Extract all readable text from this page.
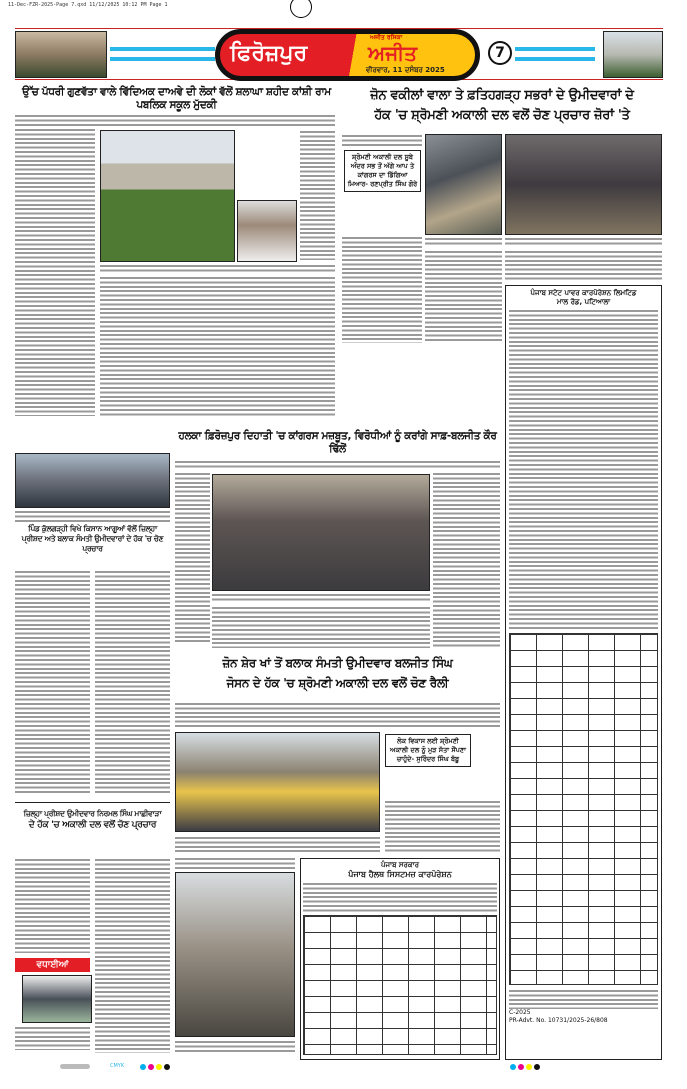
11-Dec-FZR-2025-Page 7.qxd 11/12/2025 10:12 PM Page 1
ਫਿਰੋਜ਼ਪੁਰ
ਅਜੀਤ ਰਸਿਕਾ
ਅਜੀਤ
ਵੀਰਵਾਰ, 11 ਦਸੰਬਰ 2025
7
ਉੱਚ ਪੱਧਰੀ ਗੁਣਵੱਤਾ ਵਾਲੇ ਵਿੱਦਿਅਕ ਦਾਅਵੇ ਦੀ ਲੋਕਾਂ ਵੱਲੋਂ ਸ਼ਲਾਘਾ ਸ਼ਹੀਦ ਕਾਂਸ਼ੀ ਰਾਮ ਪਬਲਿਕ ਸਕੂਲ ਮੁੱਦਕੀ
ਜ਼ੋਨ ਵਕੀਲਾਂ ਵਾਲਾ ਤੇ ਫ਼ਤਿਹਗੜ੍ਹ ਸਭਰਾਂ ਦੇ ਉਮੀਦਵਾਰਾਂ ਦੇ
ਹੱਕ 'ਚ ਸ਼੍ਰੋਮਣੀ ਅਕਾਲੀ ਦਲ ਵਲੋਂ ਚੋਣ ਪ੍ਰਚਾਰ ਜ਼ੋਰਾਂ 'ਤੇ
ਸ਼੍ਰੋਮਣੀ ਅਕਾਲੀ ਦਲ ਸੂਬੇ ਅੰਦਰ ਸਭ ਤੋਂ ਅੱਗੇ ਆਪ ਤੇ ਕਾਂਗਰਸ ਦਾ ਡਿੱਗਿਆ ਮਿਆਰ- ਰਣਪ੍ਰੀਤ ਸਿੰਘ ਗੋਰੇ
ਪੰਜਾਬ ਸਟੇਟ ਪਾਵਰ ਕਾਰਪੋਰੇਸ਼ਨ ਲਿਮਟਿਡ
ਮਾਲ ਰੋਡ, ਪਟਿਆਲਾ
C-2025
PR-Advt. No. 10731/2025-26/808
ਪਿੰਡ ਕੁੱਲਗੜ੍ਹੀ ਵਿਖੇ ਕਿਸਾਨ ਆਗੂਆਂ ਵੱਲੋਂ ਜ਼ਿਲ੍ਹਾ
ਪ੍ਰੀਸ਼ਦ ਅਤੇ ਬਲਾਕ ਸੰਮਤੀ ਉਮੀਦਵਾਰਾਂ ਦੇ ਹੱਕ 'ਚ ਚੋਣ ਪ੍ਰਚਾਰ
ਹਲਕਾ ਫ਼ਿਰੋਜ਼ਪੁਰ ਦਿਹਾਤੀ 'ਚ ਕਾਂਗਰਸ ਮਜ਼ਬੂਤ, ਵਿਰੋਧੀਆਂ ਨੂੰ ਕਰਾਂਗੇ ਸਾਫ਼-ਬਲਜੀਤ ਕੌਰ ਢਿੱਲੋਂ
ਜ਼ੋਨ ਸ਼ੇਰ ਖਾਂ ਤੋਂ ਬਲਾਕ ਸੰਮਤੀ ਉਮੀਦਵਾਰ ਬਲਜੀਤ ਸਿੰਘ
ਜੋਸਨ ਦੇ ਹੱਕ 'ਚ ਸ਼੍ਰੋਮਣੀ ਅਕਾਲੀ ਦਲ ਵਲੋਂ ਚੋਣ ਰੈਲੀ
ਲੋਕ ਵਿਕਾਸ ਲਈ ਸ਼੍ਰੋਮਣੀ ਅਕਾਲੀ ਦਲ ਨੂੰ ਮੁੜ ਸੱਤਾ ਸੌਂਪਣਾ ਚਾਹੁੰਦੇ- ਸੁਰਿੰਦਰ ਸਿੰਘ ਬੱਬੂ
ਜ਼ਿਲ੍ਹਾ ਪ੍ਰੀਸ਼ਦ ਉਮੀਦਵਾਰ ਨਿਰਮਲ ਸਿੰਘ ਮਾਛੀਵਾੜਾ
ਦੇ ਹੱਕ 'ਚ ਅਕਾਲੀ ਦਲ ਵਲੋਂ ਚੋਣ ਪ੍ਰਚਾਰ
ਵਧਾਈਆਂ
ਪੰਜਾਬ ਸਰਕਾਰ
ਪੰਜਾਬ ਹੈਲਥ ਸਿਸਟਮਜ਼ ਕਾਰਪੋਰੇਸ਼ਨ
CMYK
